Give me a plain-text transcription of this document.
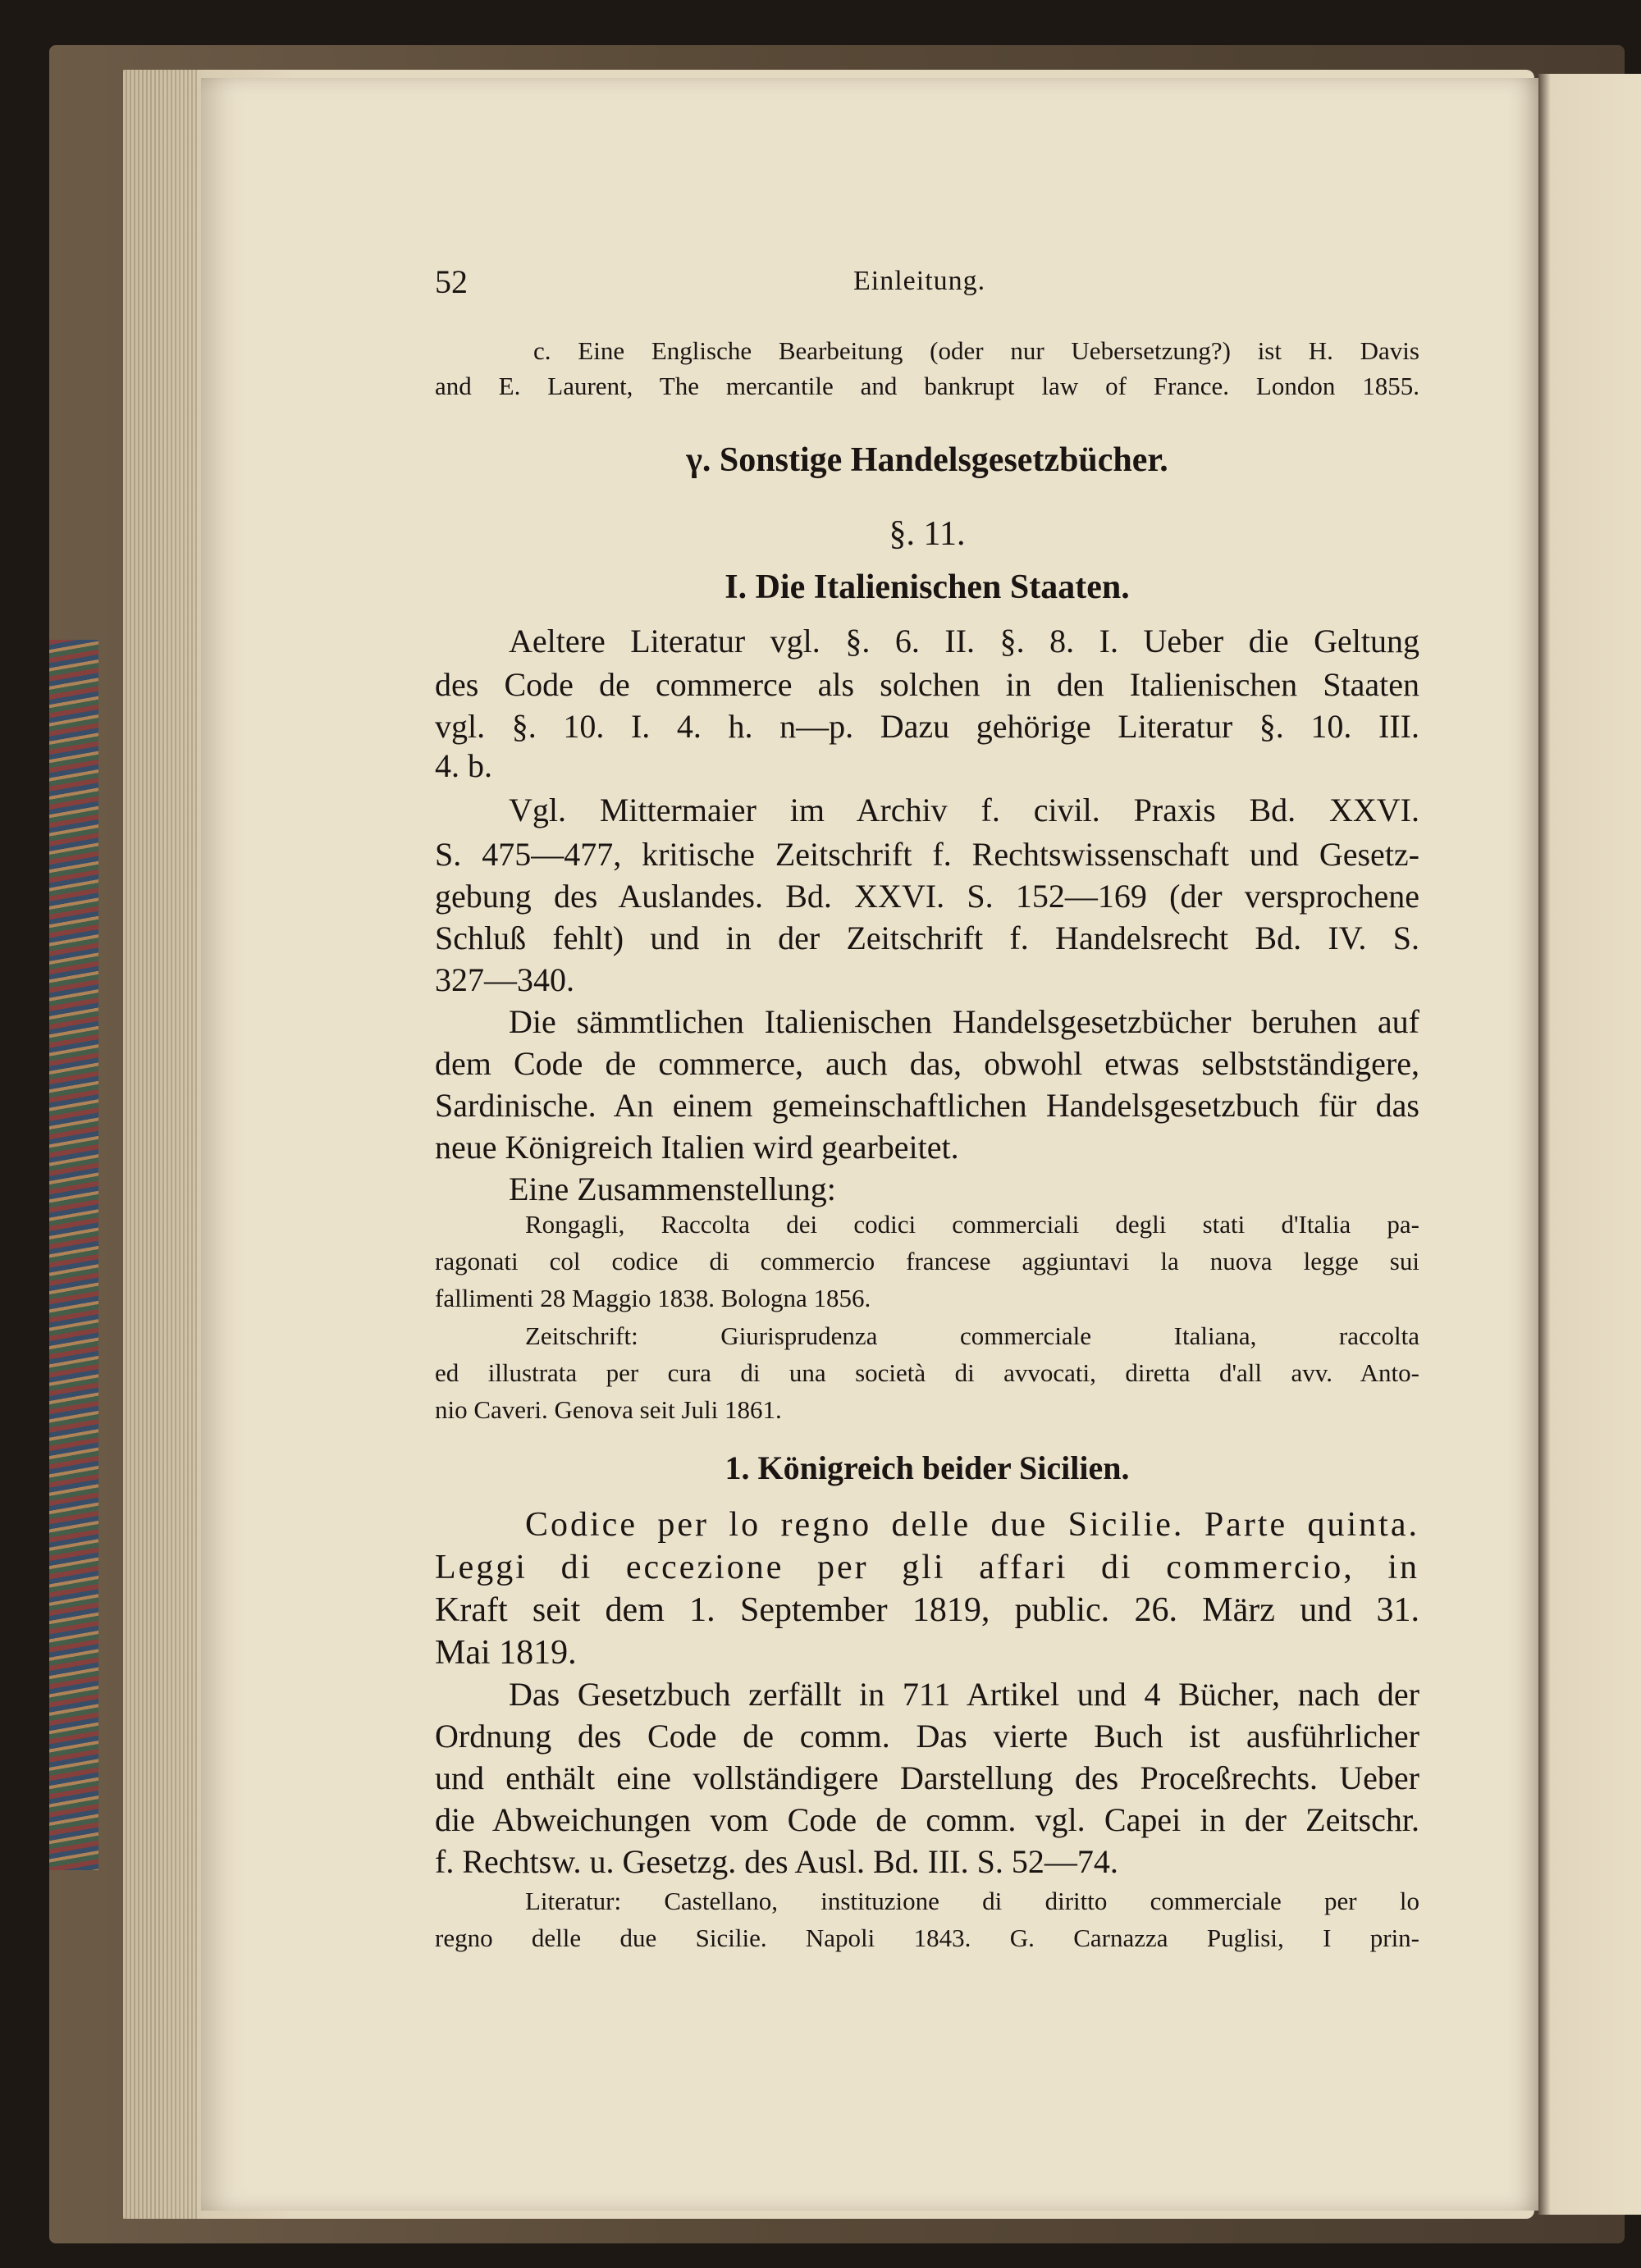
52	Einleitung.
c. Eine Englische Bearbeitung (oder nur Uebersetzung?) ist H. Davis
and E. Laurent, The mercantile and bankrupt law of France. London 1855.
γ. Sonstige Handelsgesetzbücher.
§. 11.
I. Die Italienischen Staaten.
Aeltere Literatur vgl. §. 6. II. §. 8. I. Ueber die Geltung
des Code de commerce als solchen in den Italienischen Staaten
vgl. §. 10. I. 4. h. n—p. Dazu gehörige Literatur §. 10. III.
4. b.
Vgl. Mittermaier im Archiv f. civil. Praxis Bd. XXVI.
S. 475—477, kritische Zeitschrift f. Rechtswissenschaft und Gesetz-
gebung des Auslandes. Bd. XXVI. S. 152—169 (der versprochene
Schluß fehlt) und in der Zeitschrift f. Handelsrecht Bd. IV. S.
327—340.
Die sämmtlichen Italienischen Handelsgesetzbücher beruhen auf
dem Code de commerce, auch das, obwohl etwas selbstständigere,
Sardinische. An einem gemeinschaftlichen Handelsgesetzbuch für das
neue Königreich Italien wird gearbeitet.
Eine Zusammenstellung:
Rongagli, Raccolta dei codici commerciali degli stati d'Italia pa-
ragonati col codice di commercio francese aggiuntavi la nuova legge sui
fallimenti 28 Maggio 1838. Bologna 1856.
Zeitschrift: Giurisprudenza commerciale Italiana, raccolta
ed illustrata per cura di una società di avvocati, diretta d'all avv. Anto-
nio Caveri. Genova seit Juli 1861.
1. Königreich beider Sicilien.
Codice per lo regno delle due Sicilie. Parte quinta.
Leggi di eccezione per gli affari di commercio, in
Kraft seit dem 1. September 1819, public. 26. März und 31.
Mai 1819.
Das Gesetzbuch zerfällt in 711 Artikel und 4 Bücher, nach der
Ordnung des Code de comm. Das vierte Buch ist ausführlicher
und enthält eine vollständigere Darstellung des Proceßrechts. Ueber
die Abweichungen vom Code de comm. vgl. Capei in der Zeitschr.
f. Rechtsw. u. Gesetzg. des Ausl. Bd. III. S. 52—74.
Literatur: Castellano, instituzione di diritto commerciale per lo
regno delle due Sicilie. Napoli 1843. G. Carnazza Puglisi, I prin-
